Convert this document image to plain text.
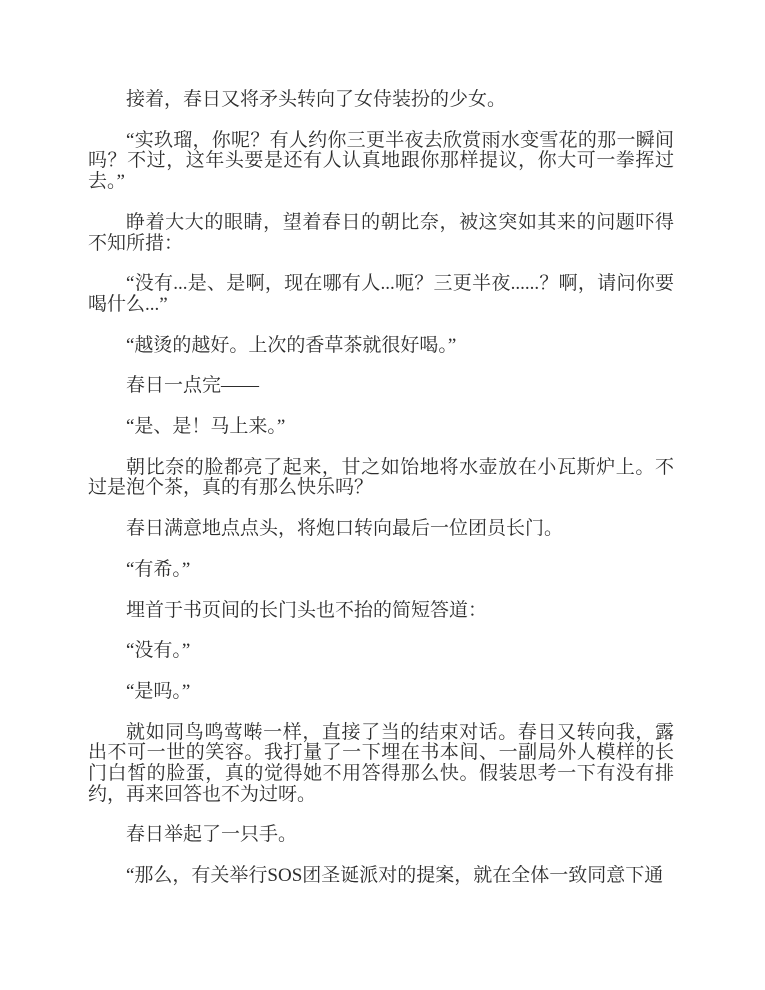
接着，春日又将矛头转向了女侍装扮的少女。

“实玖瑠，你呢？有人约你三更半夜去欣赏雨水变雪花的那一瞬间吗？不过，这年头要是还有人认真地跟你那样提议，你大可一拳挥过去。”

睁着大大的眼睛，望着春日的朝比奈，被这突如其来的问题吓得不知所措：

“没有...是、是啊，现在哪有人...呃？三更半夜......？啊，请问你要喝什么...”

“越烫的越好。上次的香草茶就很好喝。”

春日一点完——

“是、是！马上来。”

朝比奈的脸都亮了起来，甘之如饴地将水壶放在小瓦斯炉上。不过是泡个茶，真的有那么快乐吗？

春日满意地点点头，将炮口转向最后一位团员长门。

“有希。”

埋首于书页间的长门头也不抬的简短答道：

“没有。”

“是吗。”

就如同鸟鸣莺啭一样，直接了当的结束对话。春日又转向我，露出不可一世的笑容。我打量了一下埋在书本间、一副局外人模样的长门白皙的脸蛋，真的觉得她不用答得那么快。假装思考一下有没有排约，再来回答也不为过呀。

春日举起了一只手。

“那么，有关举行SOS团圣诞派对的提案，就在全体一致同意下通
